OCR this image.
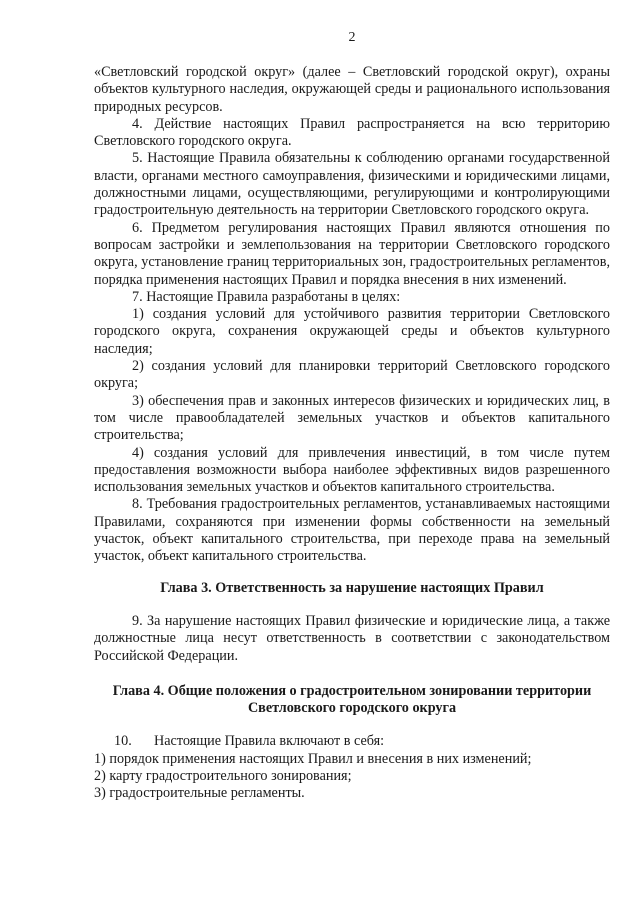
2

«Светловский городской округ» (далее – Светловский городской округ), охраны объектов культурного наследия, окружающей среды и рационального использования природных ресурсов.

4. Действие настоящих Правил распространяется на всю территорию Светловского городского округа.

5. Настоящие Правила обязательны к соблюдению органами государственной власти, органами местного самоуправления, физическими и юридическими лицами, должностными лицами, осуществляющими, регулирующими и контролирующими градостроительную деятельность на территории Светловского городского округа.

6. Предметом регулирования настоящих Правил являются отношения по вопросам застройки и землепользования на территории Светловского городского округа, установление границ территориальных зон, градостроительных регламентов, порядка применения настоящих Правил и порядка внесения в них изменений.

7. Настоящие Правила разработаны в целях:

1) создания условий для устойчивого развития территории Светловского городского округа, сохранения окружающей среды и объектов культурного наследия;

2) создания условий для планировки территорий Светловского городского округа;

3) обеспечения прав и законных интересов физических и юридических лиц, в том числе правообладателей земельных участков и объектов капитального строительства;

4) создания условий для привлечения инвестиций, в том числе путем предоставления возможности выбора наиболее эффективных видов разрешенного использования земельных участков и объектов капитального строительства.

8. Требования градостроительных регламентов, устанавливаемых настоящими Правилами, сохраняются при изменении формы собственности на земельный участок, объект капитального строительства, при переходе права на земельный участок, объект капитального строительства.

Глава 3. Ответственность за нарушение настоящих Правил

9. За нарушение настоящих Правил физические и юридические лица, а также должностные лица несут ответственность в соответствии с законодательством Российской Федерации.

Глава 4. Общие положения о градостроительном зонировании территории
Светловского городского округа

10. Настоящие Правила включают в себя:

1) порядок применения настоящих Правил и внесения в них изменений;

2) карту градостроительного зонирования;

3) градостроительные регламенты.
